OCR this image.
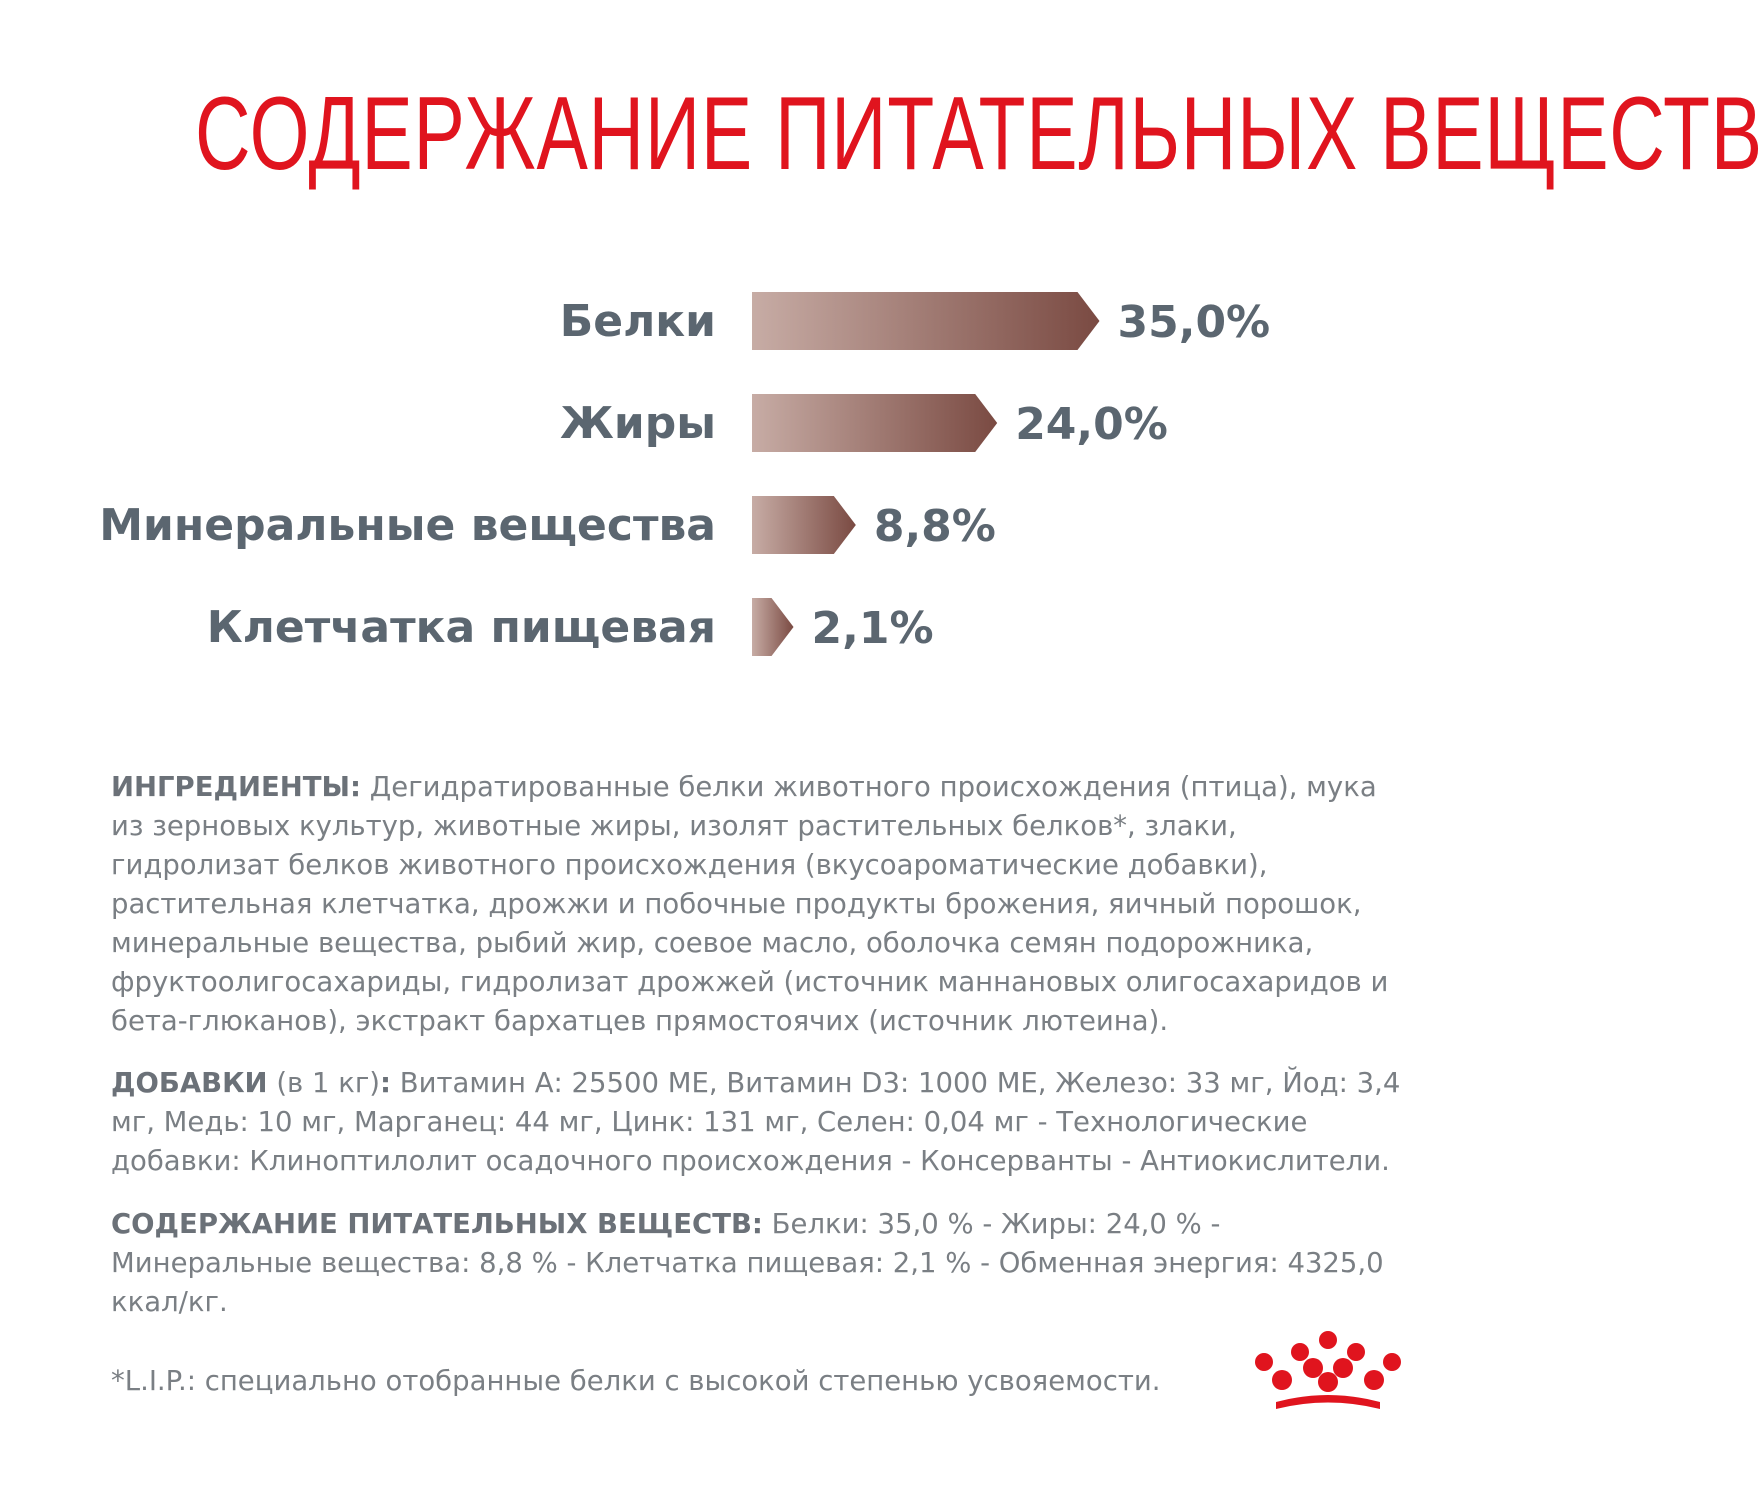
СОДЕРЖАНИЕ ПИТАТЕЛЬНЫХ ВЕЩЕСТВ
Белки	35,0%
Жиры	24,0%
Минеральные вещества	8,8%
Клетчатка пищевая 2,1%

ИНГРЕДИЕНТЫ: Дегидратированные белки животного происхождения (птица), мука
из зерновых культур, животные жиры, изолят растительных белков*, злаки,
гидролизат белков животного происхождения (вкусоароматические добавки),
растительная клетчатка, дрожжи и побочные продукты брожения, яичный порошок,
минеральные вещества, рыбий жир, соевое масло, оболочка семян подорожника,
фруктоолигосахариды, гидролизат дрожжей (источник маннановых олигосахаридов и
бета-глюканов), экстракт бархатцев прямостоячих (источник лютеина).

ДОБАВКИ (в 1 кг): Витамин А: 25500 МЕ, Витамин D3: 1000 МЕ, Железо: 33 мг, Йод: 3,4
мг, Медь: 10 мг, Марганец: 44 мг, Цинк: 131 мг, Селен: 0,04 мг - Технологические
добавки: Клиноптилолит осадочного происхождения - Консерванты - Антиокислители.

СОДЕРЖАНИЕ ПИТАТЕЛЬНЫХ ВЕЩЕСТВ: Белки: 35,0 % - Жиры: 24,0 % -
Минеральные вещества: 8,8 % - Клетчатка пищевая: 2,1 % - Обменная энергия: 4325,0
ккал/кг.

*L.I.P.: специально отобранные белки с высокой степенью усвояемости.
